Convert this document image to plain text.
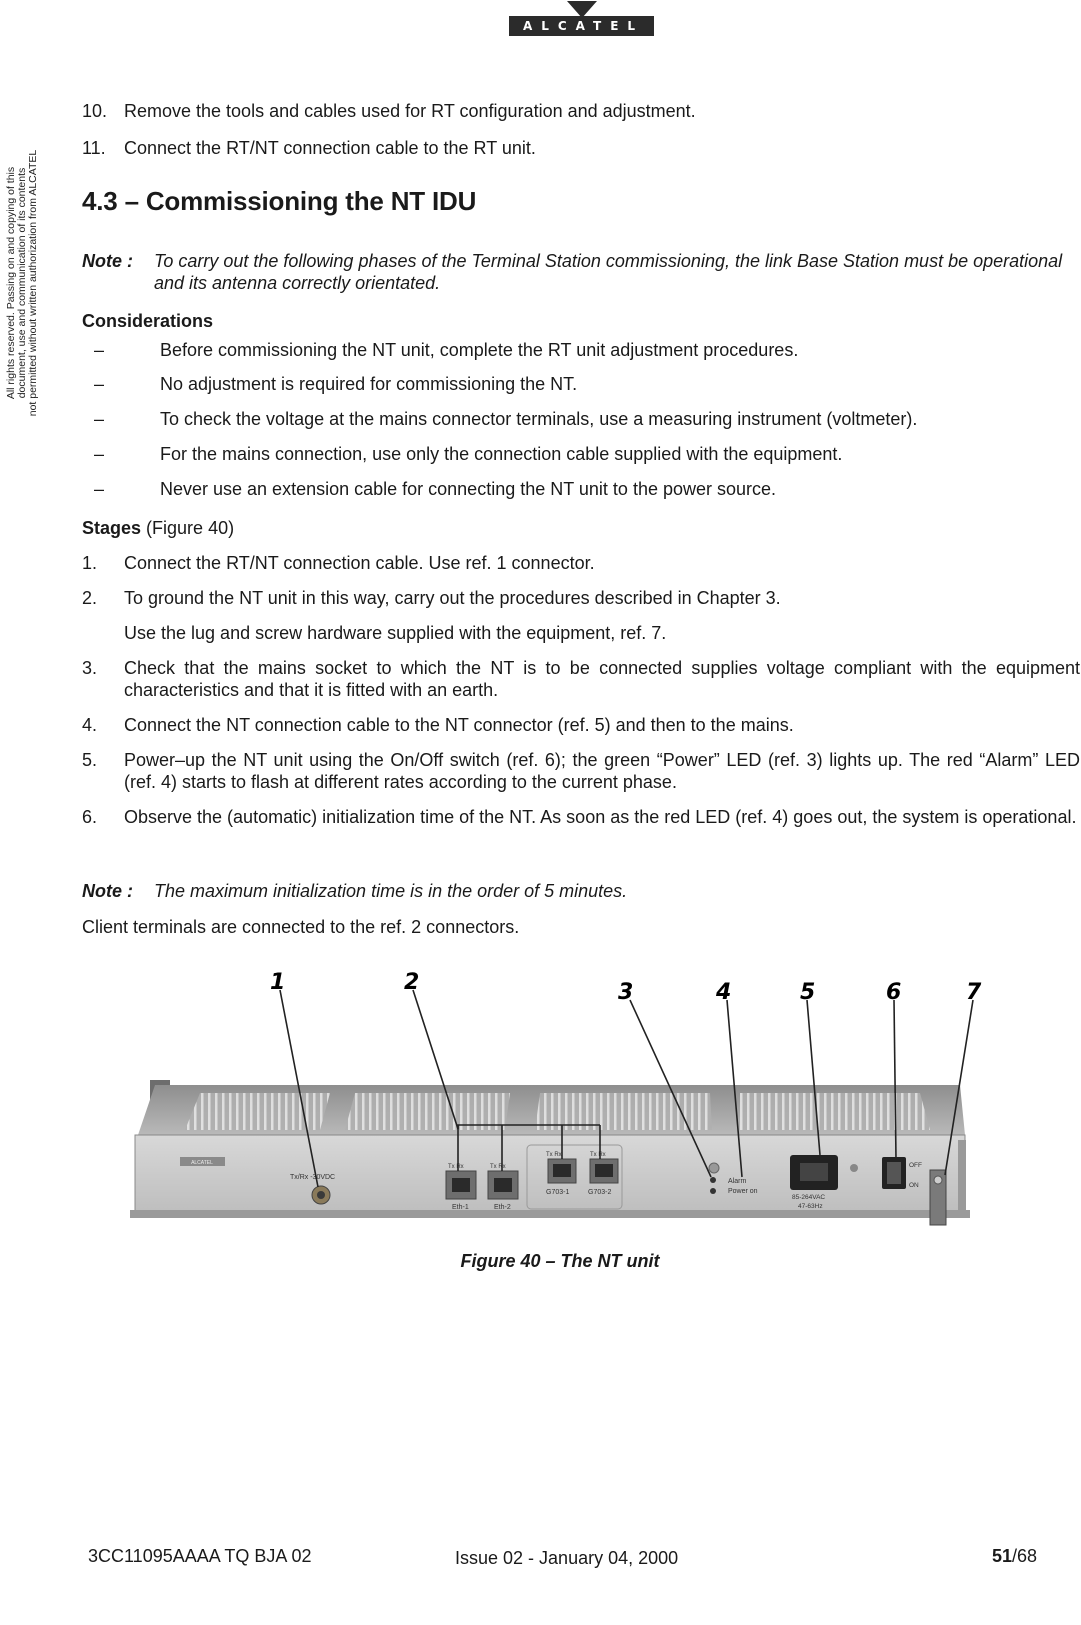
ALCATEL
All rights reserved. Passing on and copying of this document, use and communication of its contents not permitted without written authorization from ALCATEL
10. Remove the tools and cables used for RT configuration and adjustment.
11. Connect the RT/NT connection cable to the RT unit.
4.3 – Commissioning the NT IDU
Note : To carry out the following phases of the Terminal Station commissioning, the link Base Station must be operational and its antenna correctly orientated.
Considerations
–	Before commissioning the NT unit, complete the RT unit adjustment procedures.
–	No adjustment is required for commissioning the NT.
–	To check the voltage at the mains connector terminals, use a measuring instrument (voltmeter).
–	For the mains connection, use only the connection cable supplied with the equipment.
–	Never use an extension cable for connecting the NT unit to the power source.
Stages (Figure 40)
1. Connect the RT/NT connection cable. Use ref. 1 connector.
2. To ground the NT unit in this way, carry out the procedures described in Chapter 3.
Use the lug and screw hardware supplied with the equipment, ref. 7.
3. Check that the mains socket to which the NT is to be connected supplies voltage compliant with the equipment characteristics and that it is fitted with an earth.
4. Connect the NT connection cable to the NT connector (ref. 5) and then to the mains.
5. Power–up the NT unit using the On/Off switch (ref. 6); the green “Power” LED (ref. 3) lights up. The red “Alarm” LED (ref. 4) starts to flash at different rates according to the current phase.
6. Observe the (automatic) initialization time of the NT. As soon as the red LED (ref. 4) goes out, the system is operational.
Note : The maximum initialization time is in the order of 5 minutes.
Client terminals are connected to the ref. 2 connectors.
ALCATEL
Tx/Rx -30VDC
Tx Rx
Eth-1
Tx Rx
Eth-2
Tx Rx
G703-1
Tx Rx
G703-2
Alarm
Power on
85-264VAC
47-63Hz
OFF
ON
1	2	3	4	5	6	7
Figure 40 – The NT unit
3CC11095AAAA TQ BJA 02	Issue 02 - January 04, 2000	51/68
